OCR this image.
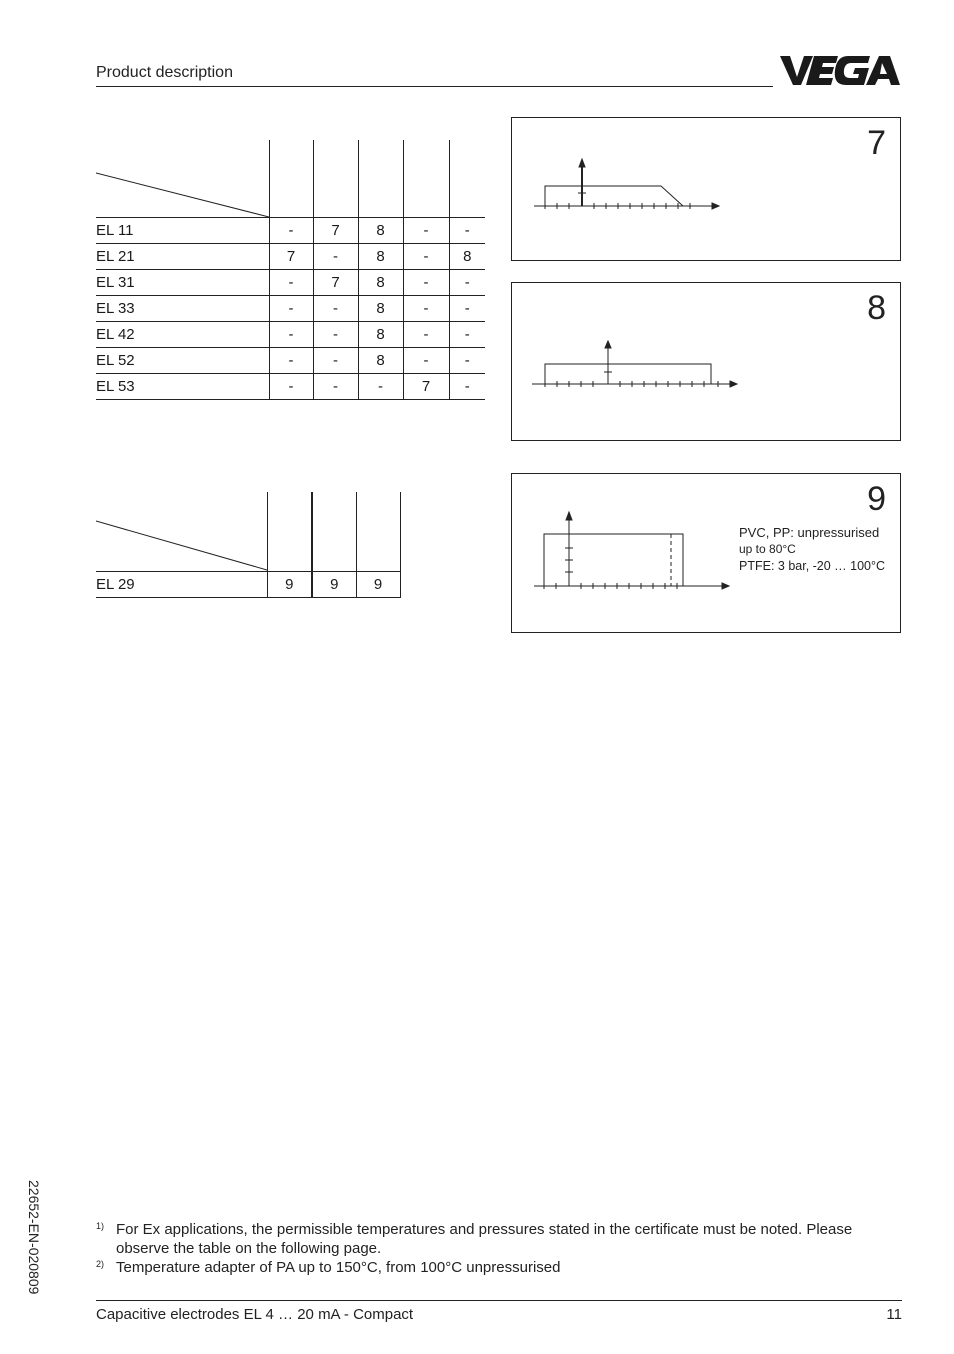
Product description

EL 11	-	7	8	-	-
EL 21	7	-	8	-	8
EL 31	-	7	8	-	-
EL 33	-	-	8	-	-
EL 42	-	-	8	-	-
EL 52	-	-	8	-	-
EL 53	-	-	-	7	-

EL 29	9	9	9
7
8
9
PVC, PP: unpressurised
up to 80°C
PTFE: 3 bar, -20 … 100°C
22652-EN-020809	1) For Ex applications, the permissible temperatures and pressures stated in the certificate must be noted. Please observe the table on the following page.
2) Temperature adapter of PA up to 150°C, from 100°C unpressurised
Capacitive electrodes EL 4 … 20 mA - Compact	11
